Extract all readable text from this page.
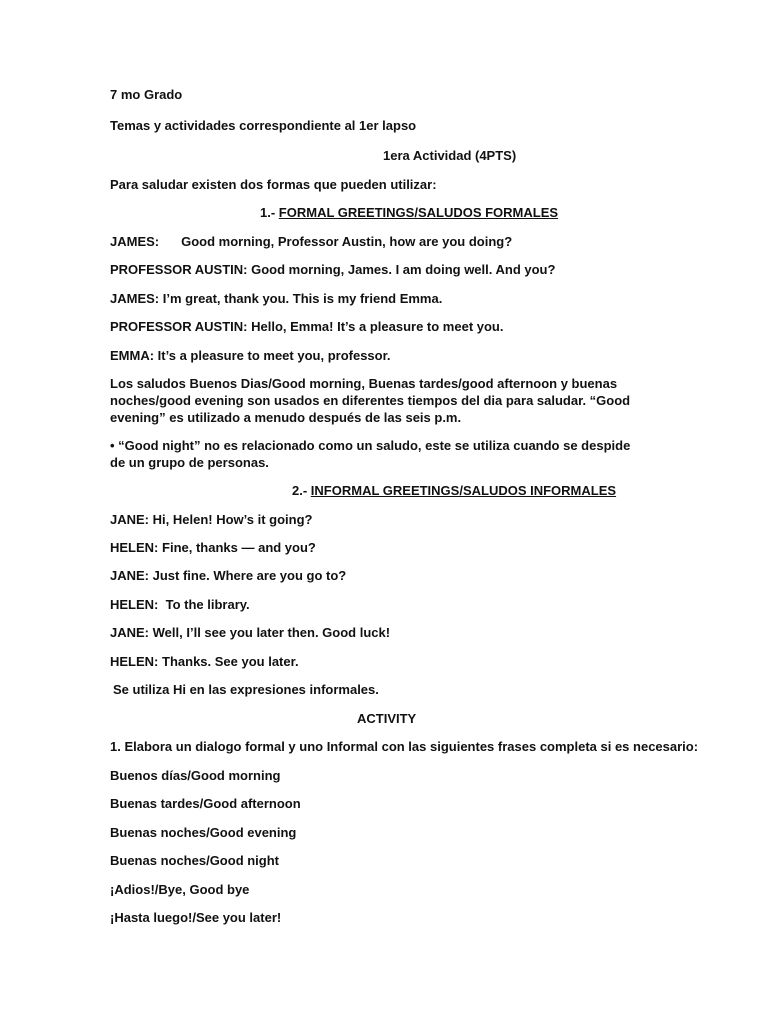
7 mo Grado
Temas y actividades correspondiente al 1er lapso
1era Actividad (4PTS)
Para saludar existen dos formas que pueden utilizar:
1.- FORMAL GREETINGS/SALUDOS FORMALES
JAMES: Good morning, Professor Austin, how are you doing?
PROFESSOR AUSTIN: Good morning, James. I am doing well. And you?
JAMES: I’m great, thank you. This is my friend Emma.
PROFESSOR AUSTIN: Hello, Emma! It’s a pleasure to meet you.
EMMA: It’s a pleasure to meet you, professor.
Los saludos Buenos Dias/Good morning, Buenas tardes/good afternoon y buenas noches/good evening son usados en diferentes tiempos del dia para saludar. “Good evening” es utilizado a menudo después de las seis p.m.
• “Good night” no es relacionado como un saludo, este se utiliza cuando se despide de un grupo de personas.
2.- INFORMAL GREETINGS/SALUDOS INFORMALES
JANE: Hi, Helen! How’s it going?
HELEN: Fine, thanks — and you?
JANE: Just fine. Where are you go to?
HELEN:  To the library.
JANE: Well, I’ll see you later then. Good luck!
HELEN: Thanks. See you later.
Se utiliza Hi en las expresiones informales.
ACTIVITY
1. Elabora un dialogo formal y uno Informal con las siguientes frases completa si es necesario:
Buenos días/Good morning
Buenas tardes/Good afternoon
Buenas noches/Good evening
Buenas noches/Good night
¡Adios!/Bye, Good bye
¡Hasta luego!/See you later!
